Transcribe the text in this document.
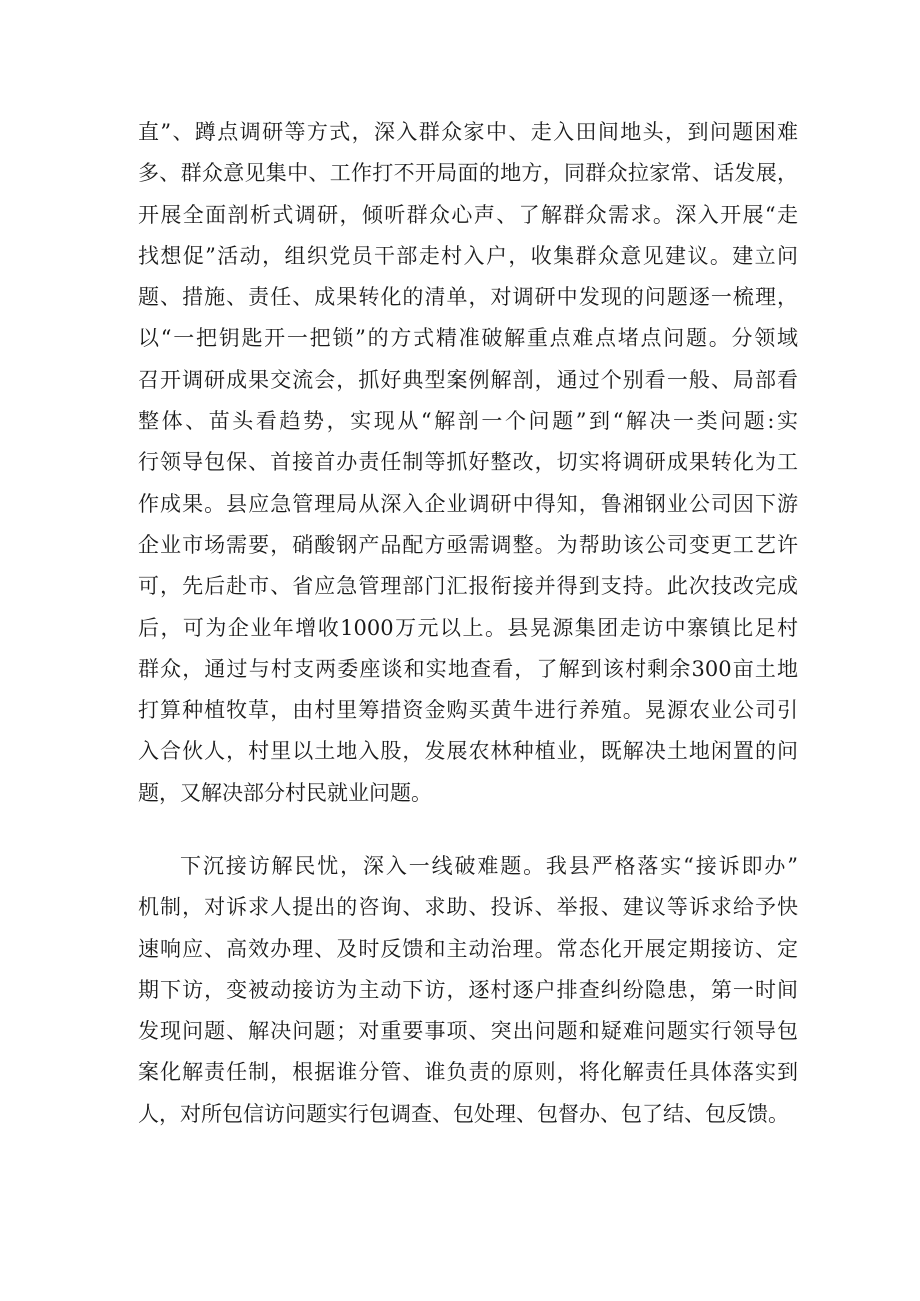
直”、蹲点调研等方式，深入群众家中、走入田间地头，到问题困难
多、群众意见集中、工作打不开局面的地方，同群众拉家常、话发展，
开展全面剖析式调研，倾听群众心声、了解群众需求。深入开展“走
找想促”活动，组织党员干部走村入户，收集群众意见建议。建立问
题、措施、责任、成果转化的清单，对调研中发现的问题逐一梳理，
以“一把钥匙开一把锁”的方式精准破解重点难点堵点问题。分领域
召开调研成果交流会，抓好典型案例解剖，通过个别看一般、局部看
整体、苗头看趋势，实现从“解剖一个问题”到“解决一类问题:实
行领导包保、首接首办责任制等抓好整改，切实将调研成果转化为工
作成果。县应急管理局从深入企业调研中得知，鲁湘钢业公司因下游
企业市场需要，硝酸钢产品配方亟需调整。为帮助该公司变更工艺许
可，先后赴市、省应急管理部门汇报衔接并得到支持。此次技改完成
后，可为企业年增收1000万元以上。县晃源集团走访中寨镇比足村
群众，通过与村支两委座谈和实地查看，了解到该村剩余300亩土地
打算种植牧草，由村里筹措资金购买黄牛进行养殖。晃源农业公司引
入合伙人，村里以土地入股，发展农林种植业，既解决土地闲置的问
题，又解决部分村民就业问题。
下沉接访解民忧，深入一线破难题。我县严格落实“接诉即办”
机制，对诉求人提出的咨询、求助、投诉、举报、建议等诉求给予快
速响应、高效办理、及时反馈和主动治理。常态化开展定期接访、定
期下访，变被动接访为主动下访，逐村逐户排查纠纷隐患，第一时间
发现问题、解决问题；对重要事项、突出问题和疑难问题实行领导包
案化解责任制，根据谁分管、谁负责的原则，将化解责任具体落实到
人，对所包信访问题实行包调查、包处理、包督办、包了结、包反馈。
